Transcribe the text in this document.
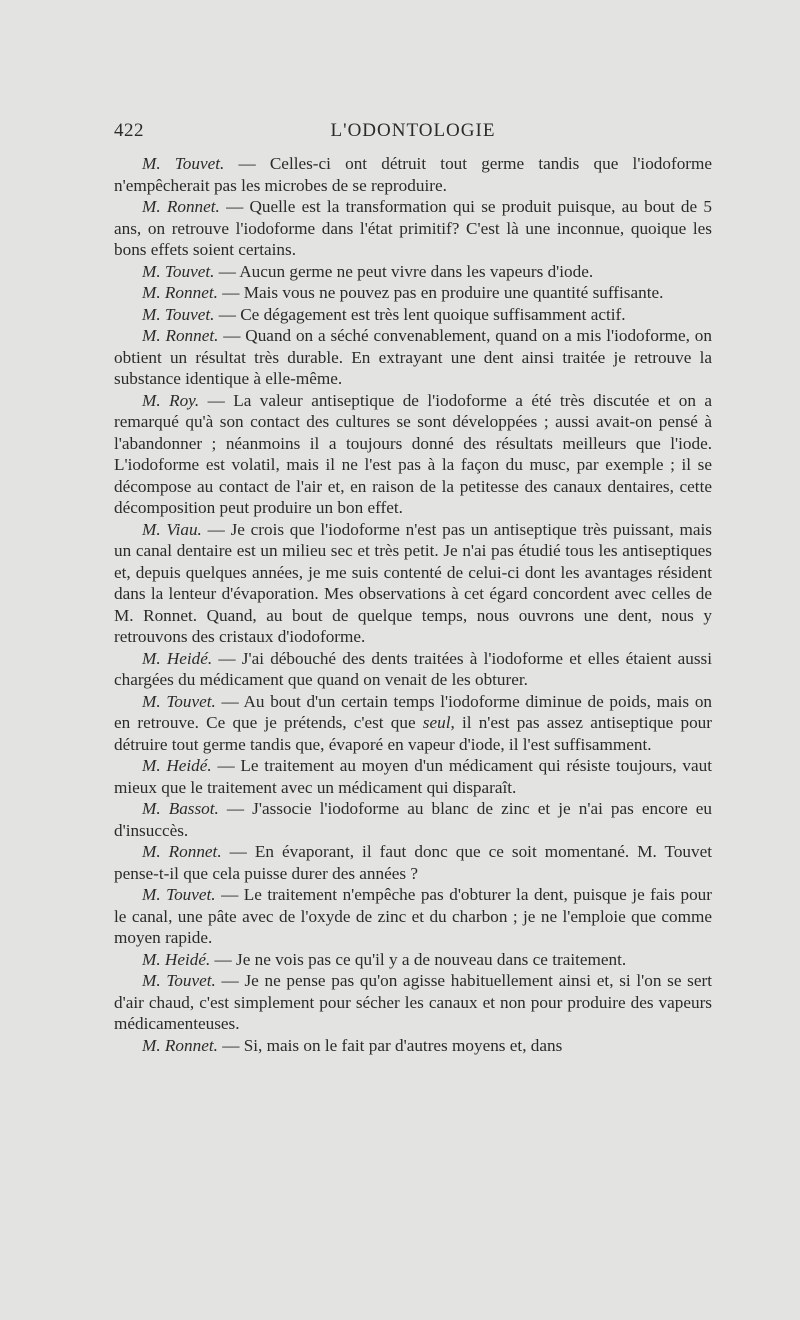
422	L'ODONTOLOGIE

M. Touvet. — Celles-ci ont détruit tout germe tandis que l'iodoforme n'empêcherait pas les microbes de se reproduire.

M. Ronnet. — Quelle est la transformation qui se produit puisque, au bout de 5 ans, on retrouve l'iodoforme dans l'état primitif? C'est là une inconnue, quoique les bons effets soient certains.

M. Touvet. — Aucun germe ne peut vivre dans les vapeurs d'iode.

M. Ronnet. — Mais vous ne pouvez pas en produire une quantité suffisante.

M. Touvet. — Ce dégagement est très lent quoique suffisamment actif.

M. Ronnet. — Quand on a séché convenablement, quand on a mis l'iodoforme, on obtient un résultat très durable. En extrayant une dent ainsi traitée je retrouve la substance identique à elle-même.

M. Roy. — La valeur antiseptique de l'iodoforme a été très discutée et on a remarqué qu'à son contact des cultures se sont développées ; aussi avait-on pensé à l'abandonner ; néanmoins il a toujours donné des résultats meilleurs que l'iode. L'iodoforme est volatil, mais il ne l'est pas à la façon du musc, par exemple ; il se décompose au contact de l'air et, en raison de la petitesse des canaux dentaires, cette décomposition peut produire un bon effet.

M. Viau. — Je crois que l'iodoforme n'est pas un antiseptique très puissant, mais un canal dentaire est un milieu sec et très petit. Je n'ai pas étudié tous les antiseptiques et, depuis quelques années, je me suis contenté de celui-ci dont les avantages résident dans la lenteur d'évaporation. Mes observations à cet égard concordent avec celles de M. Ronnet. Quand, au bout de quelque temps, nous ouvrons une dent, nous y retrouvons des cristaux d'iodoforme.

M. Heidé. — J'ai débouché des dents traitées à l'iodoforme et elles étaient aussi chargées du médicament que quand on venait de les obturer.

M. Touvet. — Au bout d'un certain temps l'iodoforme diminue de poids, mais on en retrouve. Ce que je prétends, c'est que seul, il n'est pas assez antiseptique pour détruire tout germe tandis que, évaporé en vapeur d'iode, il l'est suffisamment.

M. Heidé. — Le traitement au moyen d'un médicament qui résiste toujours, vaut mieux que le traitement avec un médicament qui disparaît.

M. Bassot. — J'associe l'iodoforme au blanc de zinc et je n'ai pas encore eu d'insuccès.

M. Ronnet. — En évaporant, il faut donc que ce soit momentané. M. Touvet pense-t-il que cela puisse durer des années ?

M. Touvet. — Le traitement n'empêche pas d'obturer la dent, puisque je fais pour le canal, une pâte avec de l'oxyde de zinc et du charbon ; je ne l'emploie que comme moyen rapide.

M. Heidé. — Je ne vois pas ce qu'il y a de nouveau dans ce traitement.

M. Touvet. — Je ne pense pas qu'on agisse habituellement ainsi et, si l'on se sert d'air chaud, c'est simplement pour sécher les canaux et non pour produire des vapeurs médicamenteuses.

M. Ronnet. — Si, mais on le fait par d'autres moyens et, dans
